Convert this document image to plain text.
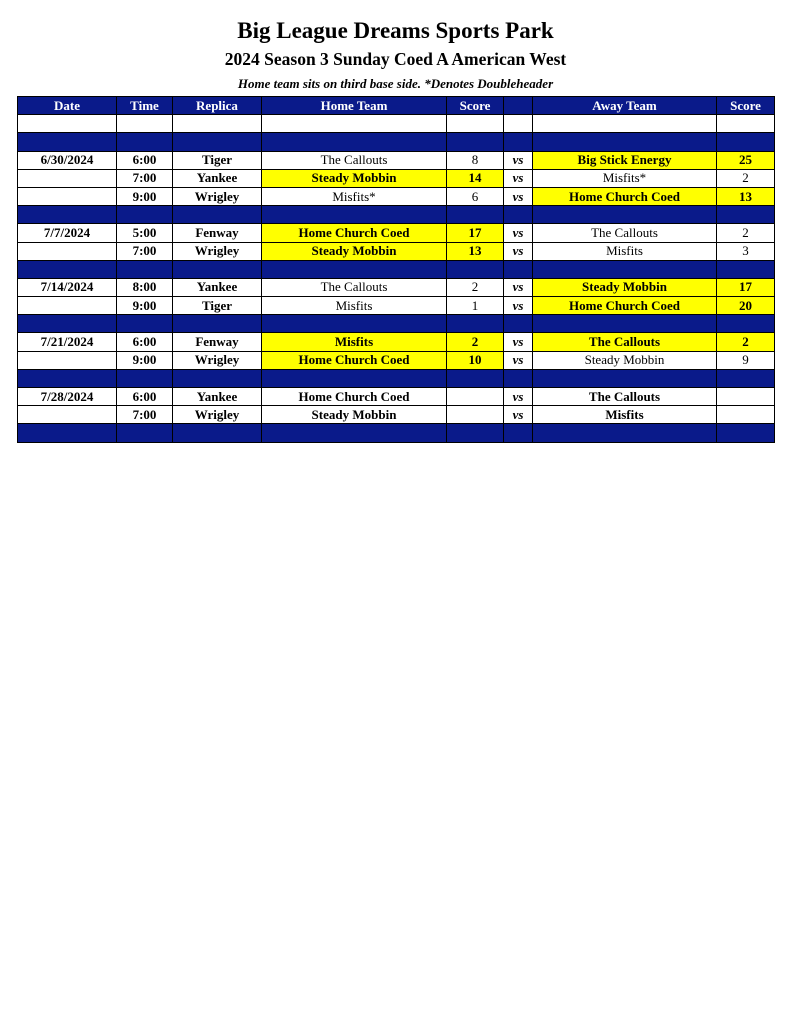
Big League Dreams Sports Park
2024 Season 3 Sunday Coed A American West
Home team sits on third base side. *Denotes Doubleheader
Date	Time	Replica	Home Team	Score		Away Team	Score

6/30/2024	6:00	Tiger	The Callouts	8	vs	Big Stick Energy	25
	7:00	Yankee	Steady Mobbin	14	vs	Misfits*	2
	9:00	Wrigley	Misfits*	6	vs	Home Church Coed	13

7/7/2024	5:00	Fenway	Home Church Coed	17	vs	The Callouts	2
	7:00	Wrigley	Steady Mobbin	13	vs	Misfits	3

7/14/2024	8:00	Yankee	The Callouts	2	vs	Steady Mobbin	17
	9:00	Tiger	Misfits	1	vs	Home Church Coed	20

7/21/2024	6:00	Fenway	Misfits	2	vs	The Callouts	2
	9:00	Wrigley	Home Church Coed	10	vs	Steady Mobbin	9

7/28/2024	6:00	Yankee	Home Church Coed		vs	The Callouts	
	7:00	Wrigley	Steady Mobbin		vs	Misfits	
